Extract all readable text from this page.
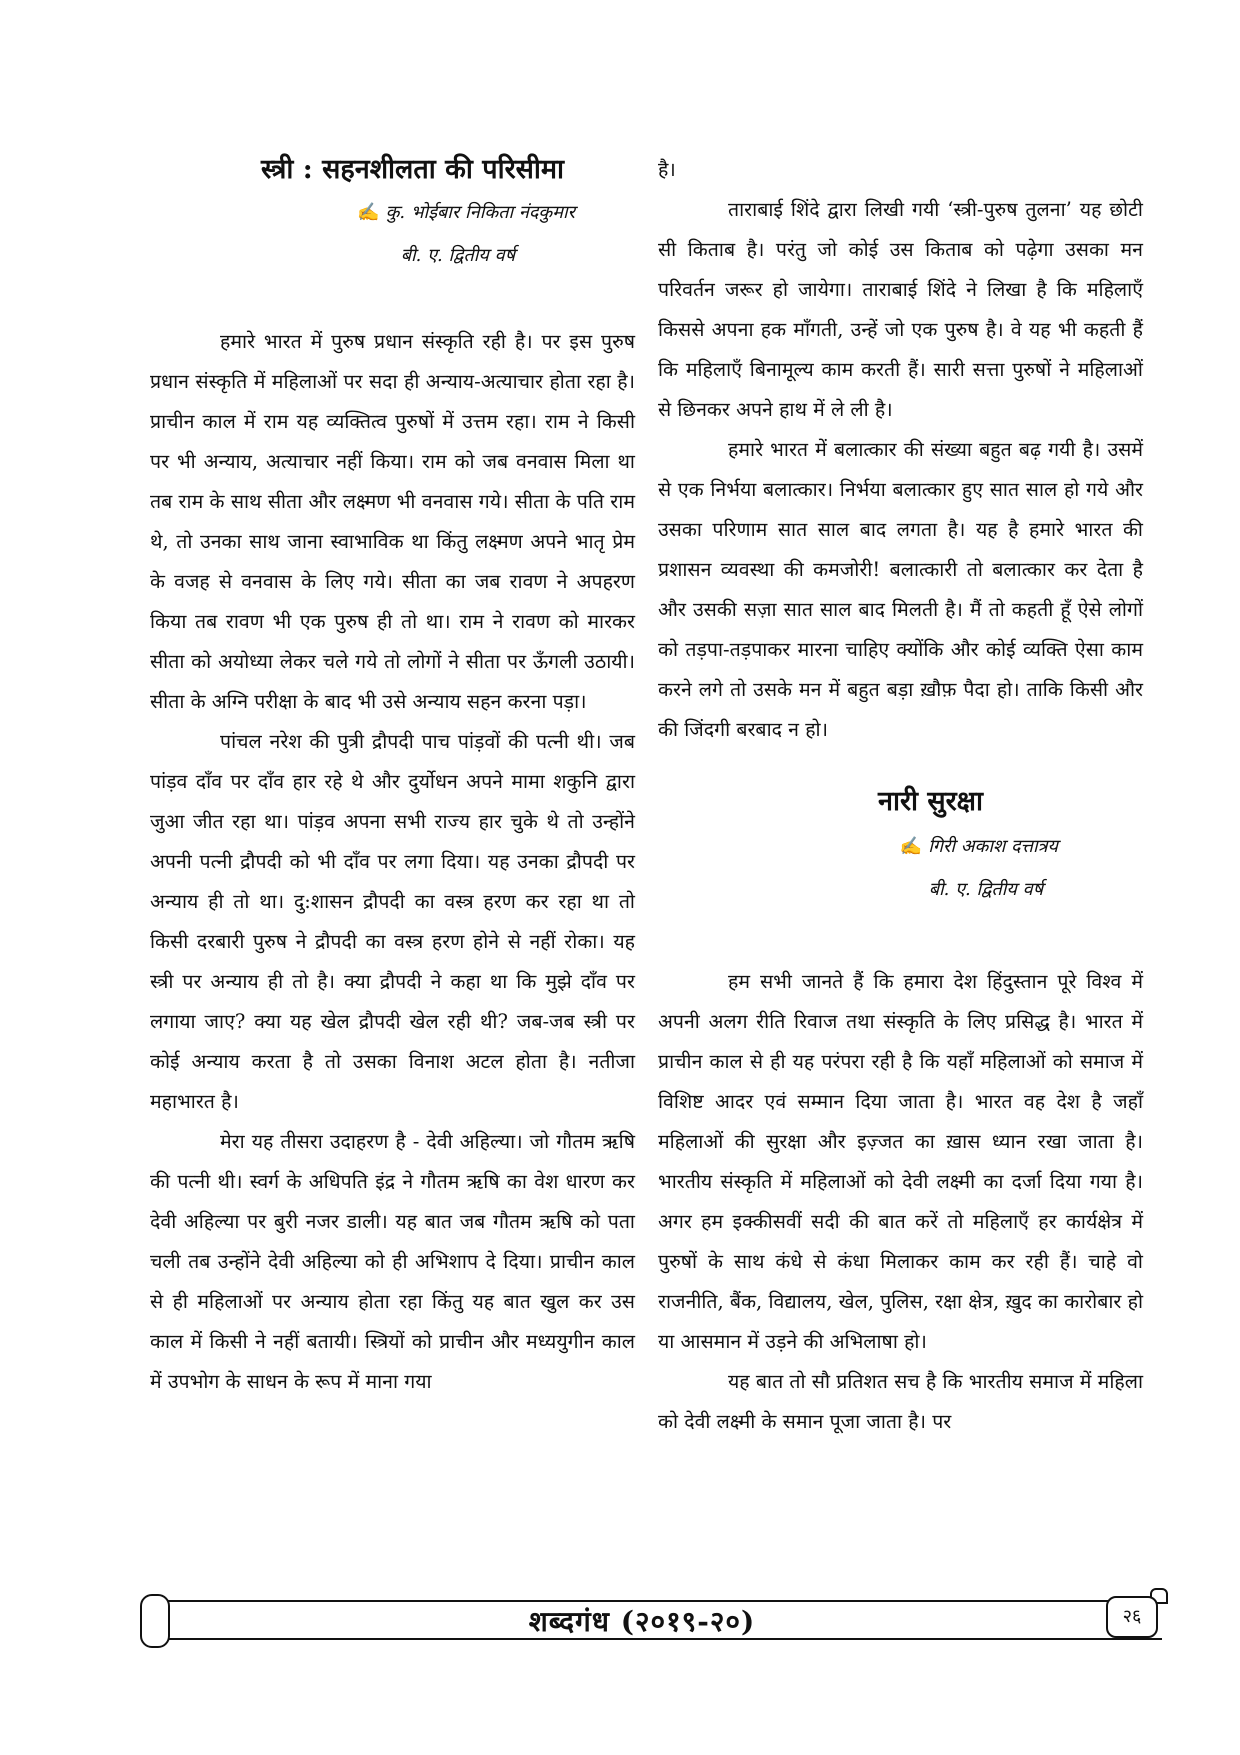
स्त्री : सहनशीलता की परिसीमा

✍ कु. भोईबार निकिता नंदकुमार

बी. ए. द्वितीय वर्ष

हमारे भारत में पुरुष प्रधान संस्कृति रही है। पर इस पुरुष प्रधान संस्कृति में महिलाओं पर सदा ही अन्याय-अत्याचार होता रहा है। प्राचीन काल में राम यह व्यक्तित्व पुरुषों में उत्तम रहा। राम ने किसी पर भी अन्याय, अत्याचार नहीं किया। राम को जब वनवास मिला था तब राम के साथ सीता और लक्ष्मण भी वनवास गये। सीता के पति राम थे, तो उनका साथ जाना स्वाभाविक था किंतु लक्ष्मण अपने भातृ प्रेम के वजह से वनवास के लिए गये। सीता का जब रावण ने अपहरण किया तब रावण भी एक पुरुष ही तो था। राम ने रावण को मारकर सीता को अयोध्या लेकर चले गये तो लोगों ने सीता पर ऊँगली उठायी। सीता के अग्नि परीक्षा के बाद भी उसे अन्याय सहन करना पड़ा।

पांचल नरेश की पुत्री द्रौपदी पाच पांड़वों की पत्नी थी। जब पांड़व दाँव पर दाँव हार रहे थे और दुर्योधन अपने मामा शकुनि द्वारा जुआ जीत रहा था। पांड़व अपना सभी राज्य हार चुके थे तो उन्होंने अपनी पत्नी द्रौपदी को भी दाँव पर लगा दिया। यह उनका द्रौपदी पर अन्याय ही तो था। दु:शासन द्रौपदी का वस्त्र हरण कर रहा था तो किसी दरबारी पुरुष ने द्रौपदी का वस्त्र हरण होने से नहीं रोका। यह स्त्री पर अन्याय ही तो है। क्या द्रौपदी ने कहा था कि मुझे दाँव पर लगाया जाए? क्या यह खेल द्रौपदी खेल रही थी? जब-जब स्त्री पर कोई अन्याय करता है तो उसका विनाश अटल होता है। नतीजा महाभारत है।

मेरा यह तीसरा उदाहरण है - देवी अहिल्या। जो गौतम ऋषि की पत्नी थी। स्वर्ग के अधिपति इंद्र ने गौतम ऋषि का वेश धारण कर देवी अहिल्या पर बुरी नजर डाली। यह बात जब गौतम ऋषि को पता चली तब उन्होंने देवी अहिल्या को ही अभिशाप दे दिया। प्राचीन काल से ही महिलाओं पर अन्याय होता रहा किंतु यह बात खुल कर उस काल में किसी ने नहीं बतायी। स्त्रियों को प्राचीन और मध्ययुगीन काल में उपभोग के साधन के रूप में माना गया

है।

ताराबाई शिंदे द्वारा लिखी गयी ‘स्त्री-पुरुष तुलना’ यह छोटी सी किताब है। परंतु जो कोई उस किताब को पढ़ेगा उसका मन परिवर्तन जरूर हो जायेगा। ताराबाई शिंदे ने लिखा है कि महिलाएँ किससे अपना हक माँगती, उन्हें जो एक पुरुष है। वे यह भी कहती हैं कि महिलाएँ बिनामूल्य काम करती हैं। सारी सत्ता पुरुषों ने महिलाओं से छिनकर अपने हाथ में ले ली है।

हमारे भारत में बलात्कार की संख्या बहुत बढ़ गयी है। उसमें से एक निर्भया बलात्कार। निर्भया बलात्कार हुए सात साल हो गये और उसका परिणाम सात साल बाद लगता है। यह है हमारे भारत की प्रशासन व्यवस्था की कमजोरी! बलात्कारी तो बलात्कार कर देता है और उसकी सज़ा सात साल बाद मिलती है। मैं तो कहती हूँ ऐसे लोगों को तड़पा-तड़पाकर मारना चाहिए क्योंकि और कोई व्यक्ति ऐसा काम करने लगे तो उसके मन में बहुत बड़ा ख़ौफ़ पैदा हो। ताकि किसी और की जिंदगी बरबाद न हो।

नारी सुरक्षा

✍ गिरी अकाश दत्तात्रय

बी. ए. द्वितीय वर्ष

हम सभी जानते हैं कि हमारा देश हिंदुस्तान पूरे विश्व में अपनी अलग रीति रिवाज तथा संस्कृति के लिए प्रसिद्ध है। भारत में प्राचीन काल से ही यह परंपरा रही है कि यहाँ महिलाओं को समाज में विशिष्ट आदर एवं सम्मान दिया जाता है। भारत वह देश है जहाँ महिलाओं की सुरक्षा और इज़्जत का ख़ास ध्यान रखा जाता है। भारतीय संस्कृति में महिलाओं को देवी लक्ष्मी का दर्जा दिया गया है। अगर हम इक्कीसवीं सदी की बात करें तो महिलाएँ हर कार्यक्षेत्र में पुरुषों के साथ कंधे से कंधा मिलाकर काम कर रही हैं। चाहे वो राजनीति, बैंक, विद्यालय, खेल, पुलिस, रक्षा क्षेत्र, ख़ुद का कारोबार हो या आसमान में उड़ने की अभिलाषा हो।

यह बात तो सौ प्रतिशत सच है कि भारतीय समाज में महिला को देवी लक्ष्मी के समान पूजा जाता है। पर

शब्दगंध (२०१९-२०)	२६
